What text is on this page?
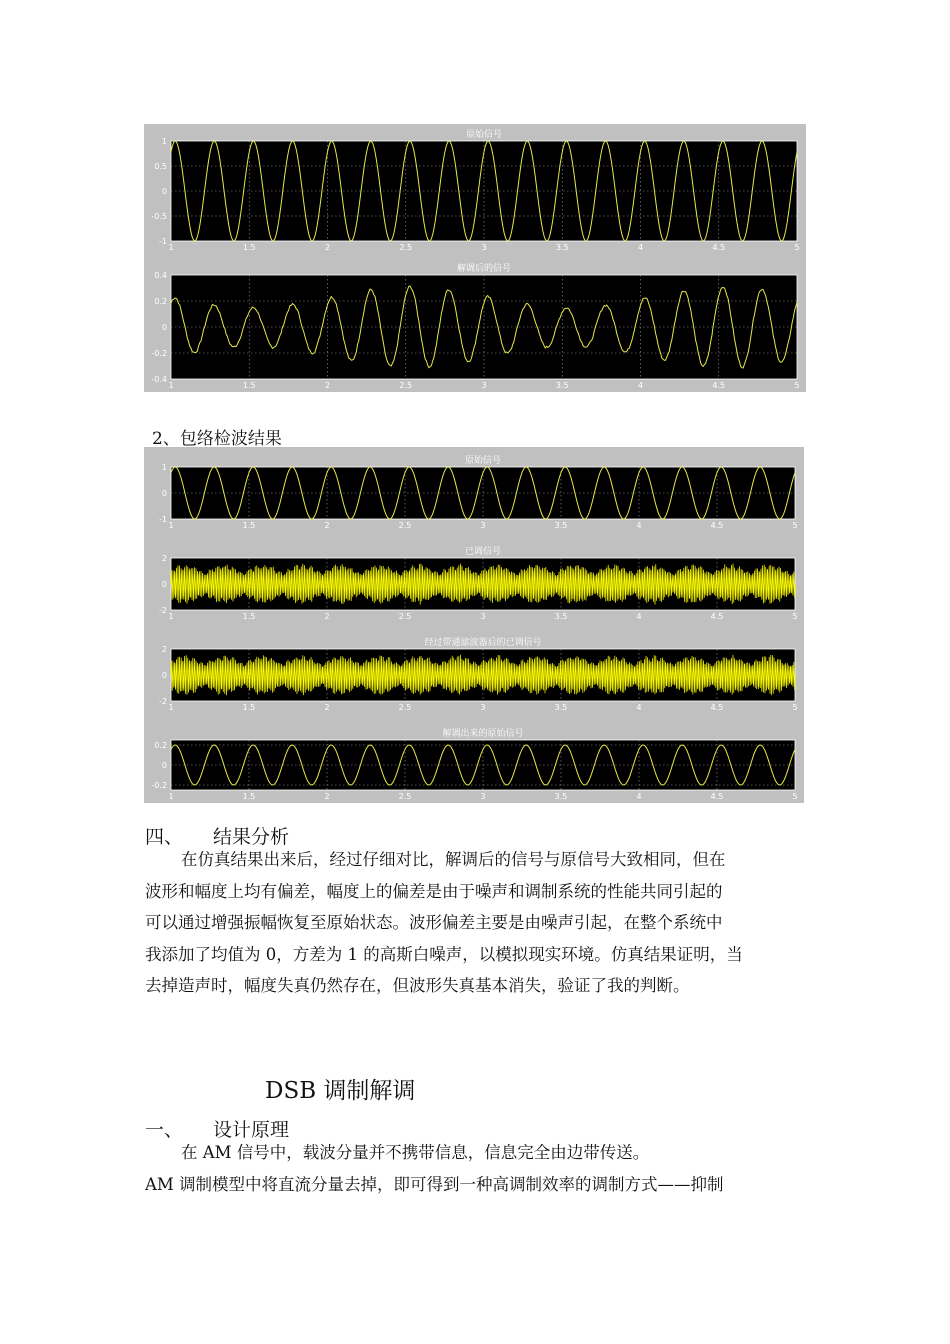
原始信号
1	1.5	2	2.5	3	3.5	4	4.5	5
1
0.5
0
-0.5
-1
解调后的信号
1	1.5	2	2.5	3	3.5	4	4.5	5
0.4
0.2
0
-0.2
-0.4
原始信号
1	1.5	2	2.5	3	3.5	4	4.5	5
1
0
-1
已调信号
1	1.5	2	2.5	3	3.5	4	4.5	5
2
0
-2
经过带通滤波器后的已调信号
1	1.5	2	2.5	3	3.5	4	4.5	5
2
0
-2
解调出来的原始信号
1	1.5	2	2.5	3	3.5	4	4.5	5
0.2
0
-0.2
2、包络检波结果
四、 结果分析
在仿真结果出来后，经过仔细对比，解调后的信号与原信号大致相同，但在
波形和幅度上均有偏差，幅度上的偏差是由于噪声和调制系统的性能共同引起的
可以通过增强振幅恢复至原始状态。波形偏差主要是由噪声引起，在整个系统中
我添加了均值为 0，方差为 1 的高斯白噪声，以模拟现实环境。仿真结果证明，当
去掉造声时，幅度失真仍然存在，但波形失真基本消失，验证了我的判断。
DSB 调制解调
一、 设计原理
在 AM 信号中，载波分量并不携带信息，信息完全由边带传送。
AM 调制模型中将直流分量去掉，即可得到一种高调制效率的调制方式——抑制
